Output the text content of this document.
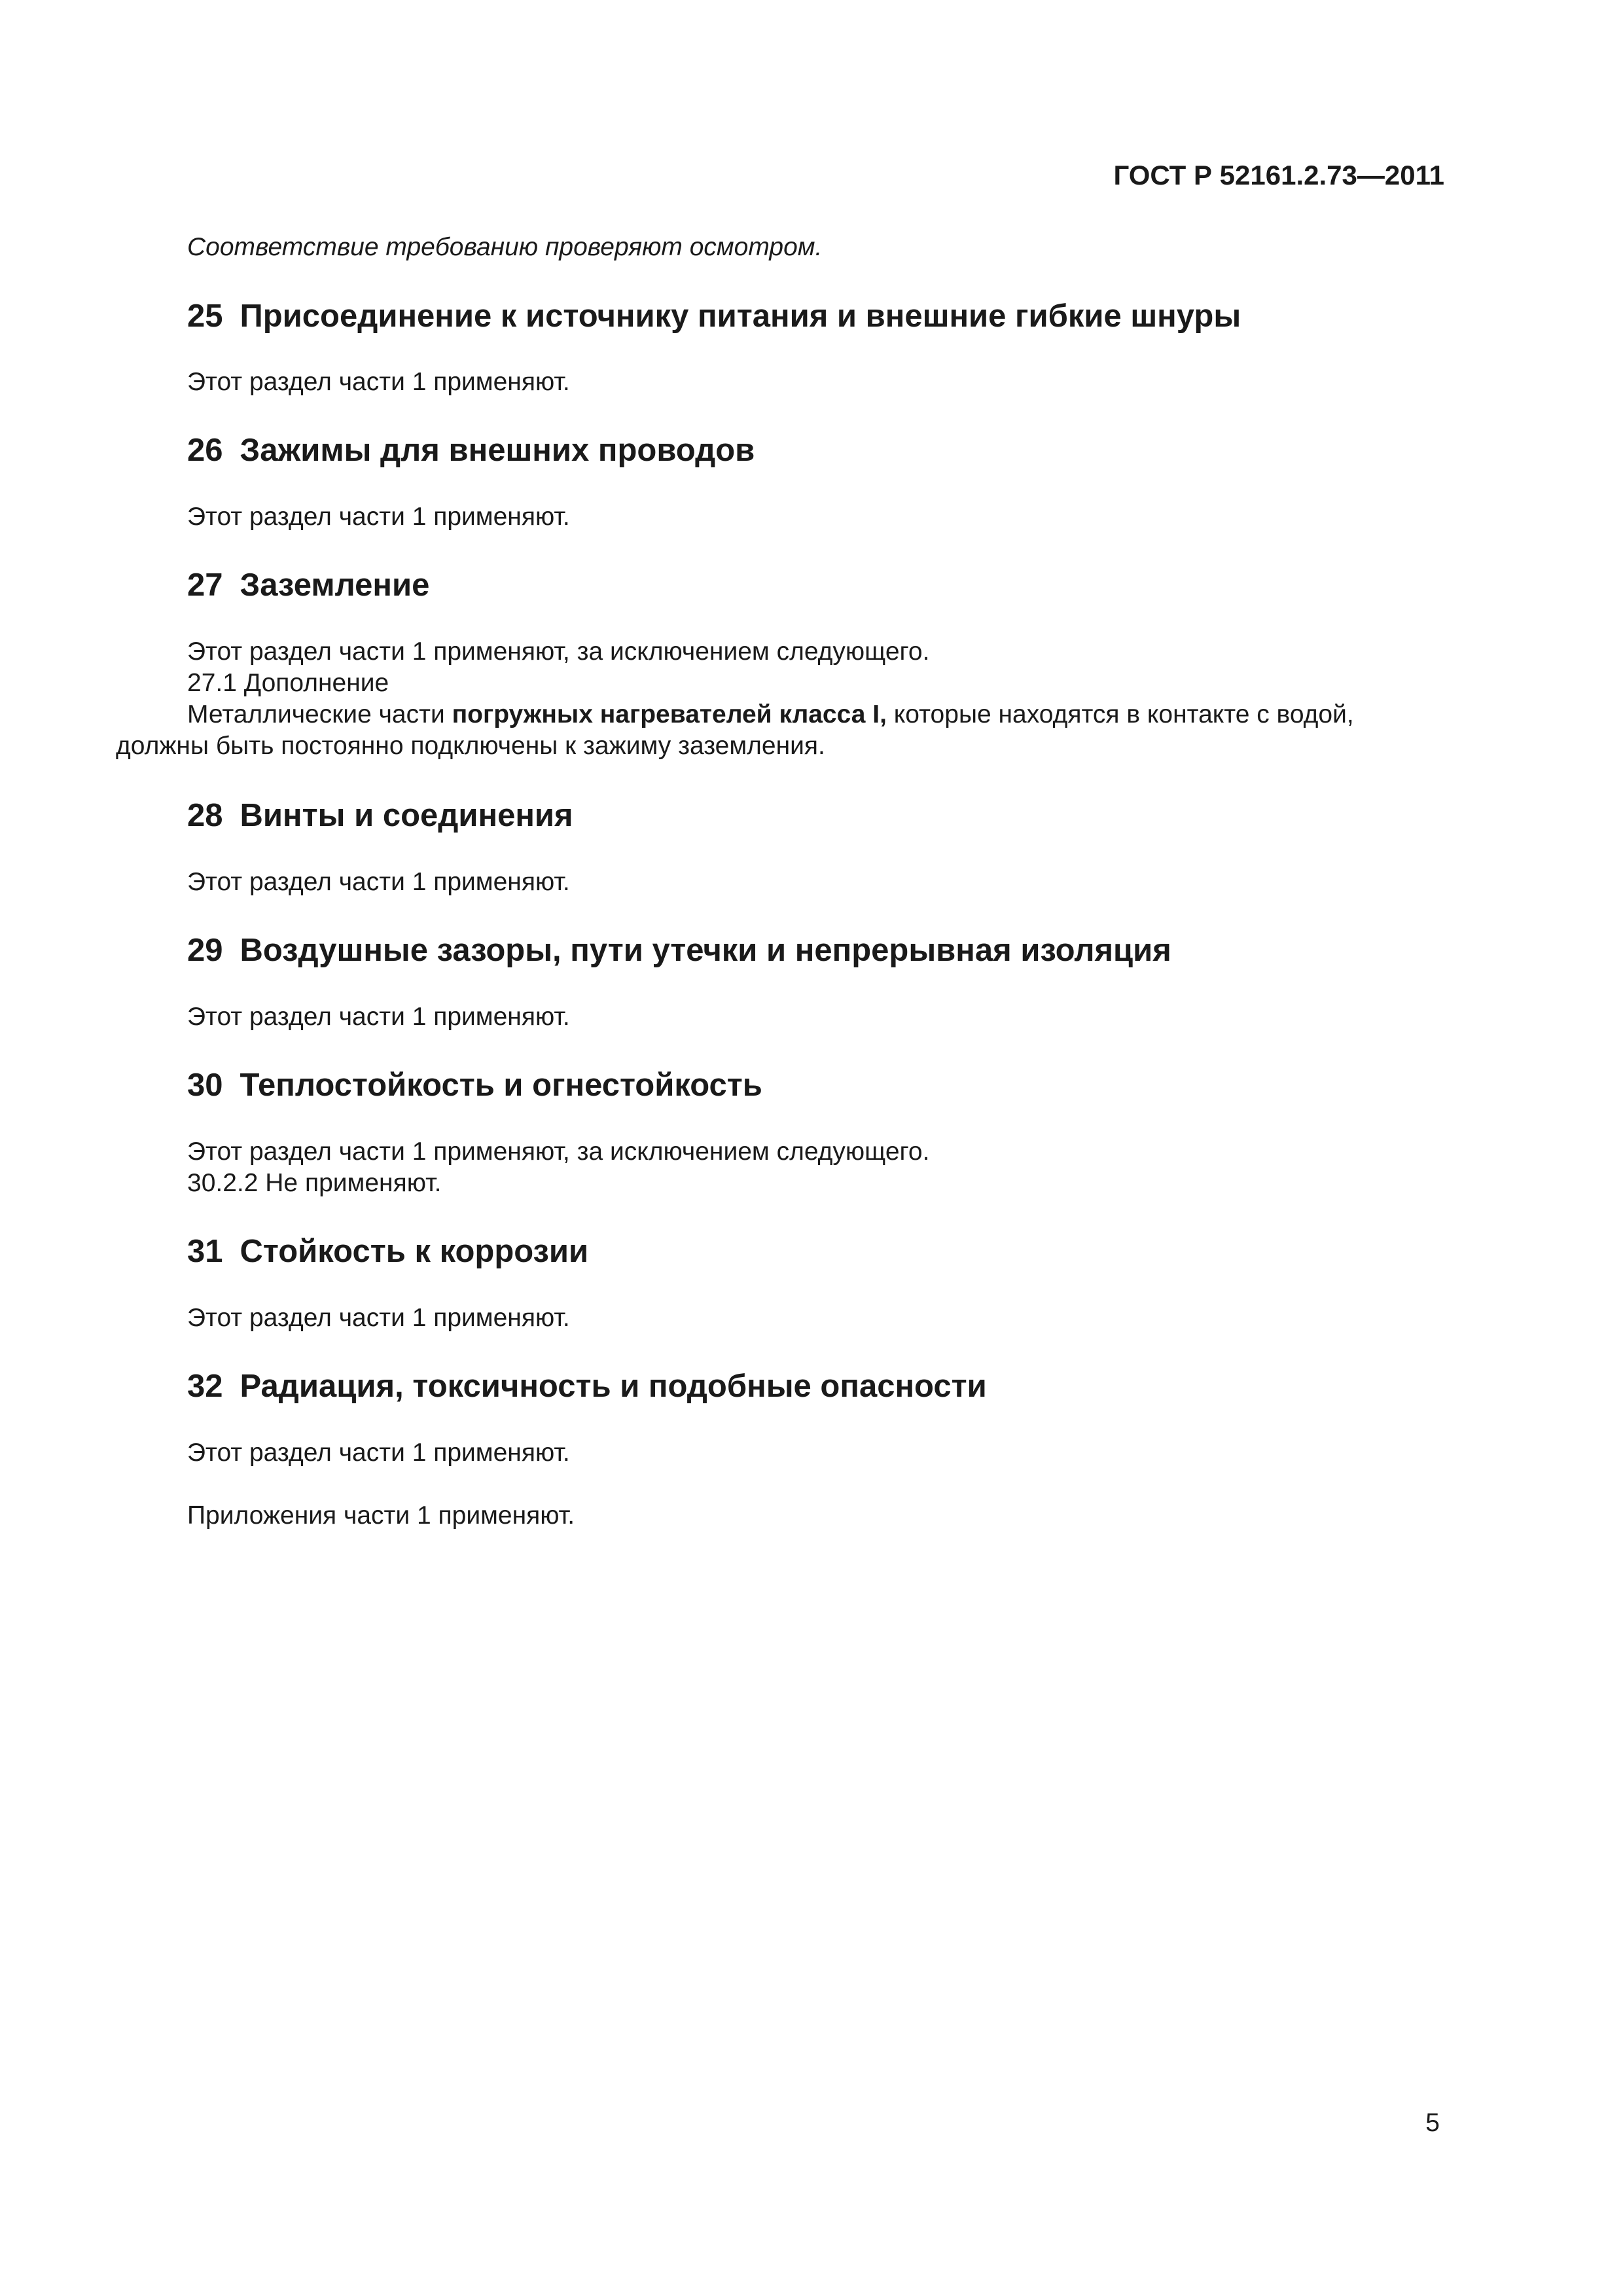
ГОСТ Р 52161.2.73—2011
Соответствие требованию проверяют осмотром.
25 Присоединение к источнику питания и внешние гибкие шнуры
Этот раздел части 1 применяют.
26 Зажимы для внешних проводов
Этот раздел части 1 применяют.
27 Заземление
Этот раздел части 1 применяют, за исключением следующего.
27.1 Дополнение
Металлические части погружных нагревателей класса I, которые находятся в контакте с водой,
должны быть постоянно подключены к зажиму заземления.
28 Винты и соединения
Этот раздел части 1 применяют.
29 Воздушные зазоры, пути утечки и непрерывная изоляция
Этот раздел части 1 применяют.
30 Теплостойкость и огнестойкость
Этот раздел части 1 применяют, за исключением следующего.
30.2.2 Не применяют.
31 Стойкость к коррозии
Этот раздел части 1 применяют.
32 Радиация, токсичность и подобные опасности
Этот раздел части 1 применяют.
Приложения части 1 применяют.
5
